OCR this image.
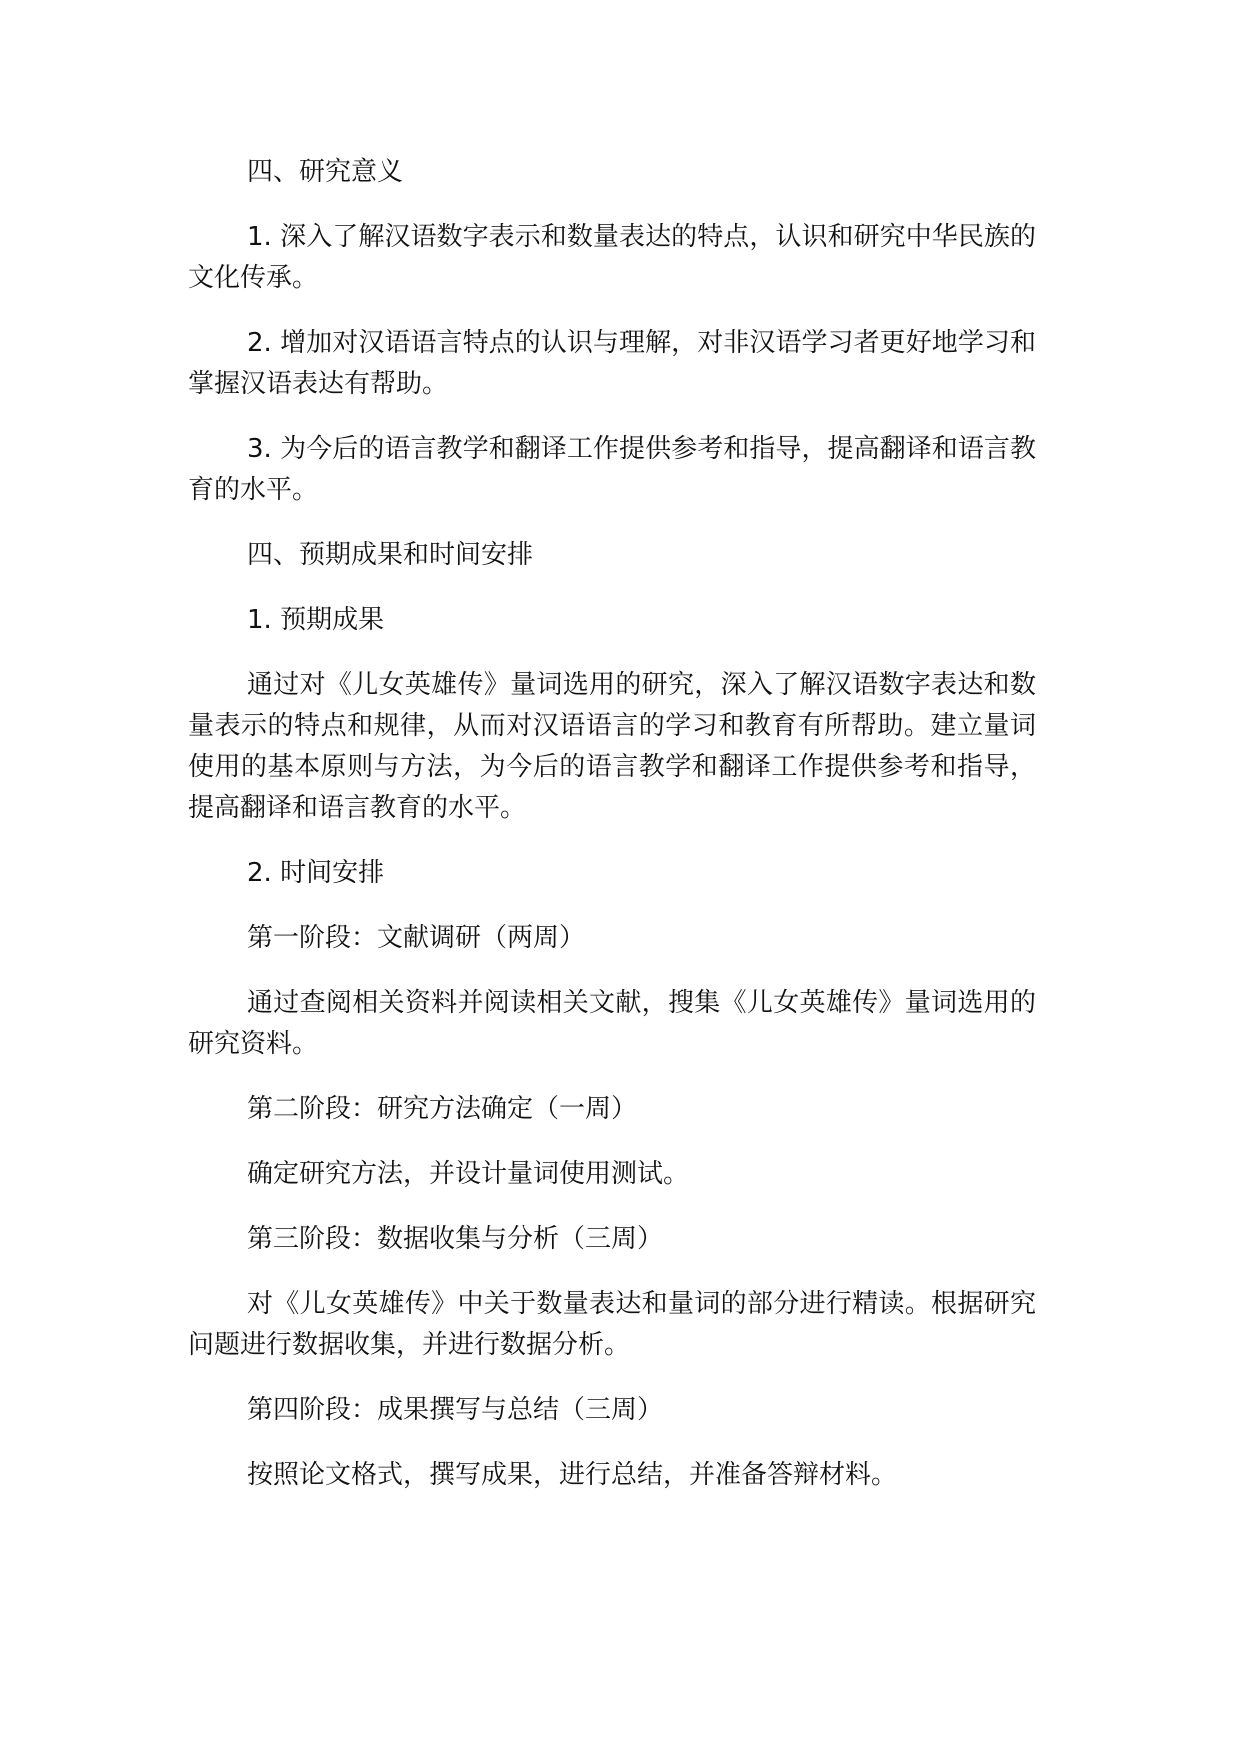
四、研究意义

1. 深入了解汉语数字表示和数量表达的特点，认识和研究中华民族的文化传承。

2. 增加对汉语语言特点的认识与理解，对非汉语学习者更好地学习和掌握汉语表达有帮助。

3. 为今后的语言教学和翻译工作提供参考和指导，提高翻译和语言教育的水平。

四、预期成果和时间安排

1. 预期成果

通过对《儿女英雄传》量词选用的研究，深入了解汉语数字表达和数量表示的特点和规律，从而对汉语语言的学习和教育有所帮助。建立量词使用的基本原则与方法，为今后的语言教学和翻译工作提供参考和指导，提高翻译和语言教育的水平。

2. 时间安排

第一阶段：文献调研（两周）

通过查阅相关资料并阅读相关文献，搜集《儿女英雄传》量词选用的研究资料。

第二阶段：研究方法确定（一周）

确定研究方法，并设计量词使用测试。

第三阶段：数据收集与分析（三周）

对《儿女英雄传》中关于数量表达和量词的部分进行精读。根据研究问题进行数据收集，并进行数据分析。

第四阶段：成果撰写与总结（三周）

按照论文格式，撰写成果，进行总结，并准备答辩材料。
